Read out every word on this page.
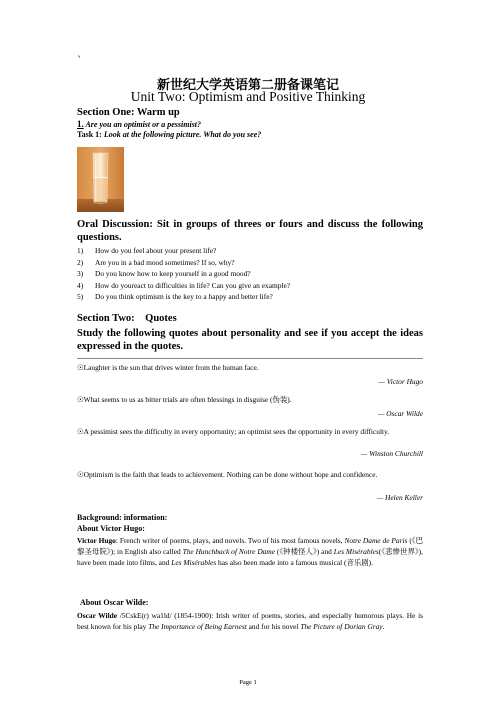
`
新世纪大学英语第二册备课笔记
Unit Two: Optimism and Positive Thinking
Section One: Warm up
1. Are you an optimist or a pessimist?
Task 1: Look at the following picture. What do you see?
Oral Discussion: Sit in groups of threes or fours and discuss the following questions.
1)	How do you feel about your present life?
2)	Are you in a bad mood sometimes? If so, why?
3)	Do you know how to keep yourself in a good mood?
4)	How do youreact to difficulties in life? Can you give an example?
5)	Do you think optimism is the key to a happy and better life?
Section Two:    Quotes
Study the following quotes about personality and see if you accept the ideas expressed in the quotes.
☉Laughter is the sun that drives winter from the human face.
— Victor Hugo
☉What seems to us as bitter trials are often blessings in disguise (伪装).
— Oscar Wilde
☉A pessimist sees the difficulty in every opportunity; an optimist sees the opportunity in every difficulty.
— Winston Churchill
☉Optimism is the faith that leads to achievement. Nothing can be done without hope and confidence.
— Helen Keller
Background: information:
About Victor Hugo:
Victor Hugo: French writer of poems, plays, and novels. Two of his most famous novels, Notre Dame de Paris (《巴黎圣母院》); in English also called The Hunchback of Notre Dame (《钟楼怪人》) and Les Misérables(《悲惨世界》), have been made into films, and Les Misérables has also been made into a famous musical (音乐剧).
About Oscar Wilde:
Oscar Wilde /5CskE(r) wa1ld/ (1854-1900): Irish writer of poems, stories, and especially humorous plays. He is best known for his play The Importance of Being Earnest and for his novel The Picture of Dorian Gray.
Page 1
